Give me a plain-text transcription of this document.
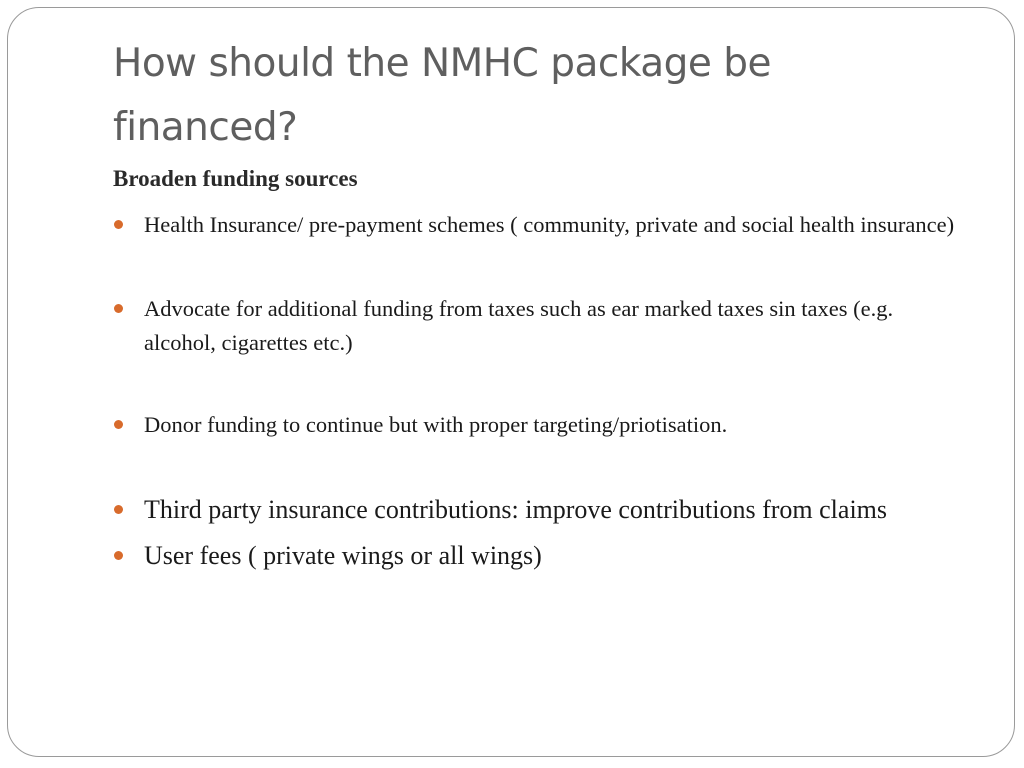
How should the NMHC package be financed?

Broaden funding sources

Health Insurance/ pre-payment schemes ( community, private and social health insurance)
Advocate for additional funding from taxes such as ear marked taxes sin taxes (e.g. alcohol, cigarettes etc.)
Donor funding to continue but with proper targeting/priotisation.
Third party insurance contributions: improve contributions from claims
User fees ( private wings or all wings)
